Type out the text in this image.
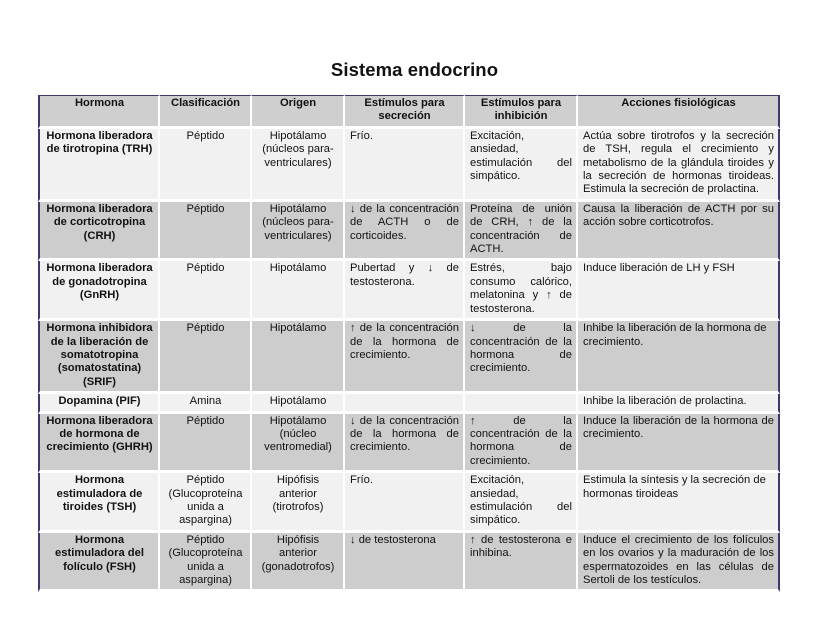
Sistema endocrino
Hormona	Clasificación	Origen	Estímulos para secreción	Estímulos para inhibición	Acciones fisiológicas
Hormona liberadora de tirotropina (TRH)	Péptido	Hipotálamo (núcleos para-ventriculares)	Frío.	Excitación, ansiedad, estimulación del simpático.	Actúa sobre tirotrofos y la secreción de TSH, regula el crecimiento y metabolismo de la glándula tiroides y la secreción de hormonas tiroideas. Estimula la secreción de prolactina.
Hormona liberadora de corticotropina (CRH)	Péptido	Hipotálamo (núcleos para-ventriculares)	↓ de la concentración de ACTH o de corticoides.	Proteína de unión de CRH, ↑ de la concentración de ACTH.	Causa la liberación de ACTH por su acción sobre corticotrofos.
Hormona liberadora de gonadotropina (GnRH)	Péptido	Hipotálamo	Pubertad y ↓ de testosterona.	Estrés, bajo consumo calórico, melatonina y ↑ de testosterona.	Induce liberación de LH y FSH
Hormona inhibidora de la liberación de somatotropina (somatostatina) (SRIF)	Péptido	Hipotálamo	↑ de la concentración de la hormona de crecimiento.	↓ de la concentración de la hormona de crecimiento.	Inhibe la liberación de la hormona de crecimiento.
Dopamina (PIF)	Amina	Hipotálamo			Inhibe la liberación de prolactina.
Hormona liberadora de hormona de crecimiento (GHRH)	Péptido	Hipotálamo (núcleo ventromedial)	↓ de la concentración de la hormona de crecimiento.	↑ de la concentración de la hormona de crecimiento.	Induce la liberación de la hormona de crecimiento.
Hormona estimuladora de tiroides (TSH)	Péptido (Glucoproteína unida a aspargina)	Hipófisis anterior (tirotrofos)	Frío.	Excitación, ansiedad, estimulación del simpático.	Estimula la síntesis y la secreción de hormonas tiroideas
Hormona estimuladora del folículo (FSH)	Péptido (Glucoproteína unida a aspargina)	Hipófisis anterior (gonadotrofos)	↓ de testosterona	↑ de testosterona e inhibina.	Induce el crecimiento de los folículos en los ovarios y la maduración de los espermatozoides en las células de Sertoli de los testículos.
